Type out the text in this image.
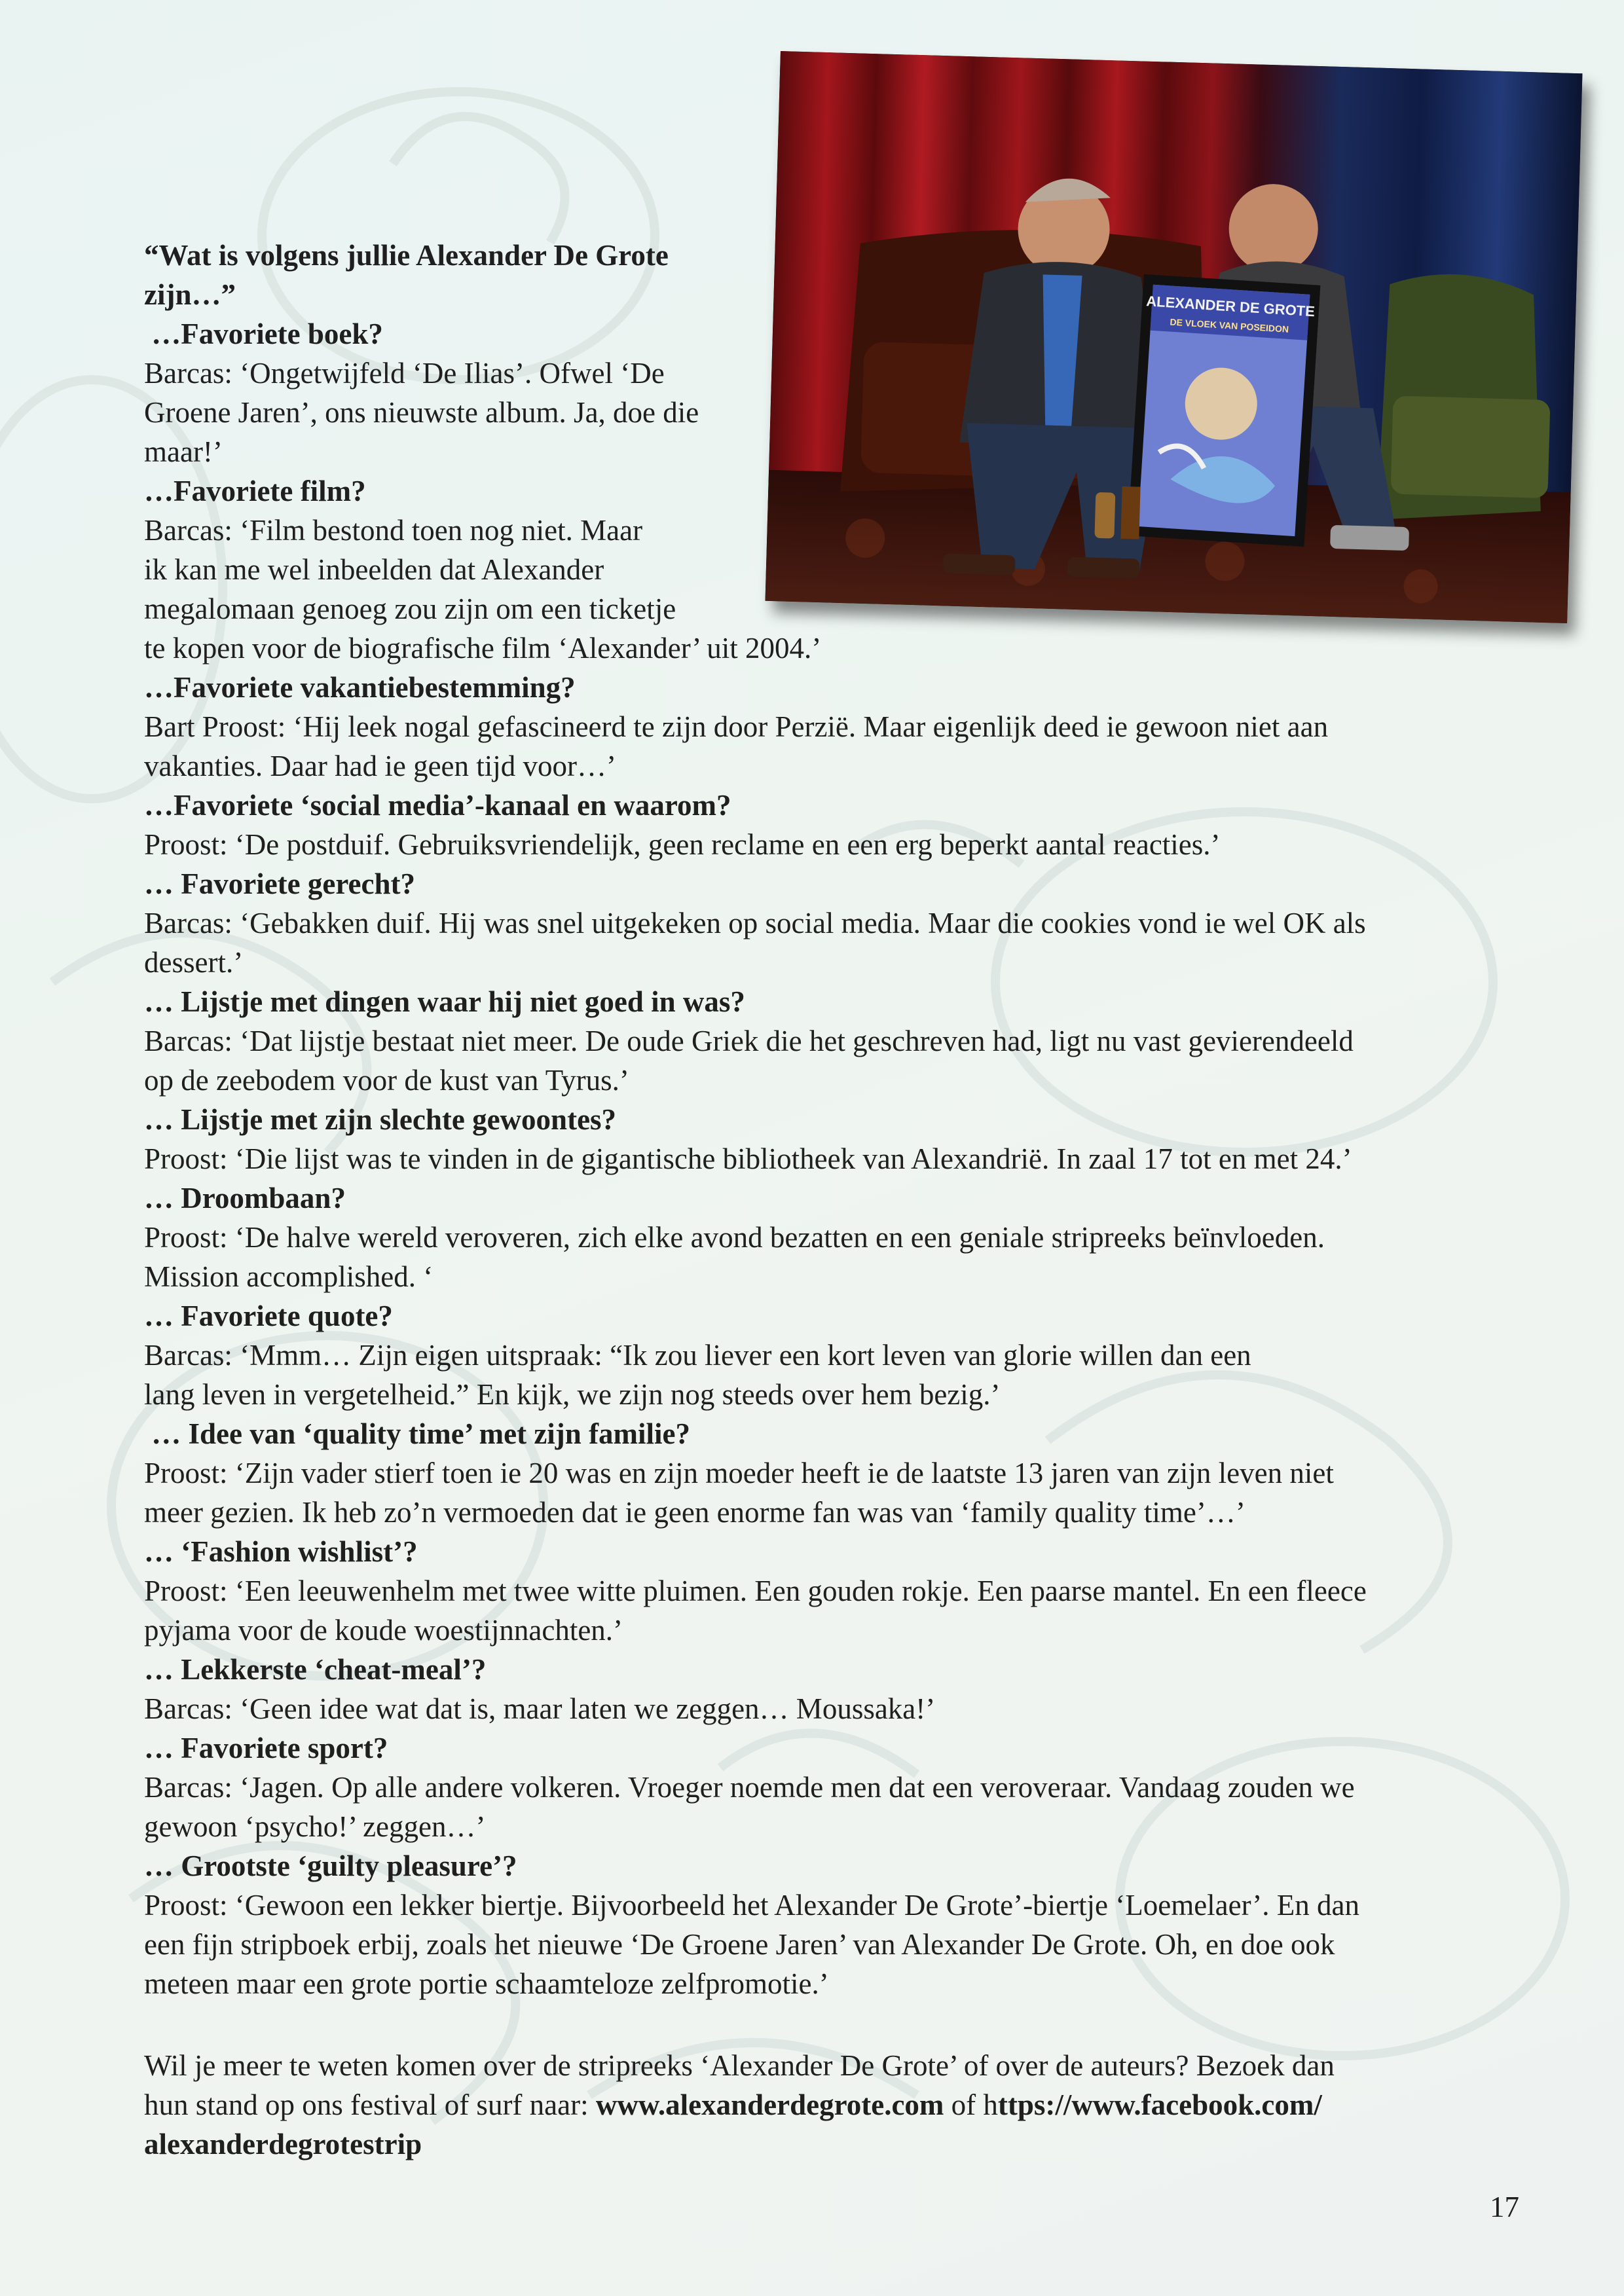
ALEXANDER DE GROTE
DE VLOEK VAN POSEIDON
“Wat is volgens jullie Alexander De Grote
zijn…”
…Favoriete boek?
Barcas: ‘Ongetwijfeld ‘De Ilias’. Ofwel ‘De
Groene Jaren’, ons nieuwste album. Ja, doe die
maar!’
…Favoriete film?
Barcas: ‘Film bestond toen nog niet. Maar
ik kan me wel inbeelden dat Alexander
megalomaan genoeg zou zijn om een ticketje
te kopen voor de biografische film ‘Alexander’ uit 2004.’
…Favoriete vakantiebestemming?
Bart Proost: ‘Hij leek nogal gefascineerd te zijn door Perzië. Maar eigenlijk deed ie gewoon niet aan
vakanties. Daar had ie geen tijd voor…’
…Favoriete ‘social media’-kanaal en waarom?
Proost: ‘De postduif. Gebruiksvriendelijk, geen reclame en een erg beperkt aantal reacties.’
… Favoriete gerecht?
Barcas: ‘Gebakken duif. Hij was snel uitgekeken op social media. Maar die cookies vond ie wel OK als
dessert.’
… Lijstje met dingen waar hij niet goed in was?
Barcas: ‘Dat lijstje bestaat niet meer. De oude Griek die het geschreven had, ligt nu vast gevierendeeld
op de zeebodem voor de kust van Tyrus.’
… Lijstje met zijn slechte gewoontes?
Proost: ‘Die lijst was te vinden in de gigantische bibliotheek van Alexandrië. In zaal 17 tot en met 24.’
… Droombaan?
Proost: ‘De halve wereld veroveren, zich elke avond bezatten en een geniale stripreeks beïnvloeden.
Mission accomplished. ‘
… Favoriete quote?
Barcas: ‘Mmm… Zijn eigen uitspraak: “Ik zou liever een kort leven van glorie willen dan een
lang leven in vergetelheid.” En kijk, we zijn nog steeds over hem bezig.’
… Idee van ‘quality time’ met zijn familie?
Proost: ‘Zijn vader stierf toen ie 20 was en zijn moeder heeft ie de laatste 13 jaren van zijn leven niet
meer gezien. Ik heb zo’n vermoeden dat ie geen enorme fan was van ‘family quality time’…’
… ‘Fashion wishlist’?
Proost: ‘Een leeuwenhelm met twee witte pluimen. Een gouden rokje. Een paarse mantel. En een fleece
pyjama voor de koude woestijnnachten.’
… Lekkerste ‘cheat-meal’?
Barcas: ‘Geen idee wat dat is, maar laten we zeggen… Moussaka!’
… Favoriete sport?
Barcas: ‘Jagen. Op alle andere volkeren. Vroeger noemde men dat een veroveraar. Vandaag zouden we
gewoon ‘psycho!’ zeggen…’
… Grootste ‘guilty pleasure’?
Proost: ‘Gewoon een lekker biertje. Bijvoorbeeld het Alexander De Grote’-biertje ‘Loemelaer’. En dan
een fijn stripboek erbij, zoals het nieuwe ‘De Groene Jaren’ van Alexander De Grote. Oh, en doe ook
meteen maar een grote portie schaamteloze zelfpromotie.’
Wil je meer te weten komen over de stripreeks ‘Alexander De Grote’ of over de auteurs? Bezoek dan
hun stand op ons festival of surf naar: www.alexanderdegrote.com of https://www.facebook.com/
alexanderdegrotestrip
17
